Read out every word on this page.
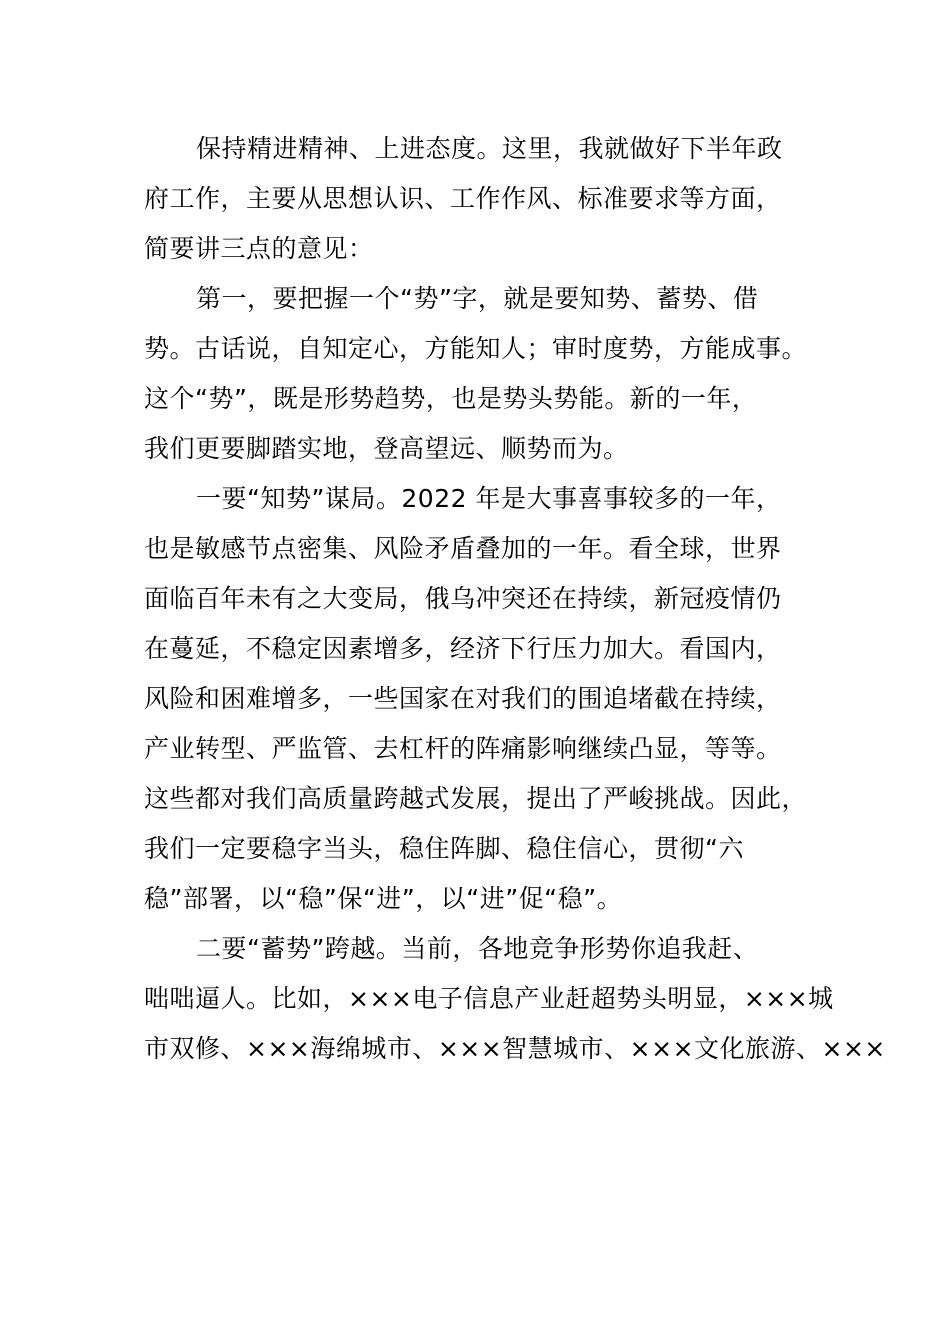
保持精进精神、上进态度。这里，我就做好下半年政
府工作，主要从思想认识、工作作风、标准要求等方面，
简要讲三点的意见：
第一，要把握一个“势”字，就是要知势、蓄势、借
势。古话说，自知定心，方能知人；审时度势，方能成事。
这个“势”，既是形势趋势，也是势头势能。新的一年，
我们更要脚踏实地，登高望远、顺势而为。
一要“知势”谋局。2022 年是大事喜事较多的一年，
也是敏感节点密集、风险矛盾叠加的一年。看全球，世界
面临百年未有之大变局，俄乌冲突还在持续，新冠疫情仍
在蔓延，不稳定因素增多，经济下行压力加大。看国内，
风险和困难增多，一些国家在对我们的围追堵截在持续，
产业转型、严监管、去杠杆的阵痛影响继续凸显，等等。
这些都对我们高质量跨越式发展，提出了严峻挑战。因此，
我们一定要稳字当头，稳住阵脚、稳住信心，贯彻“六
稳”部署，以“稳”保“进”，以“进”促“稳”。
二要“蓄势”跨越。当前，各地竞争形势你追我赶、
咄咄逼人。比如，×××电子信息产业赶超势头明显，×××城
市双修、×××海绵城市、×××智慧城市、×××文化旅游、×××
